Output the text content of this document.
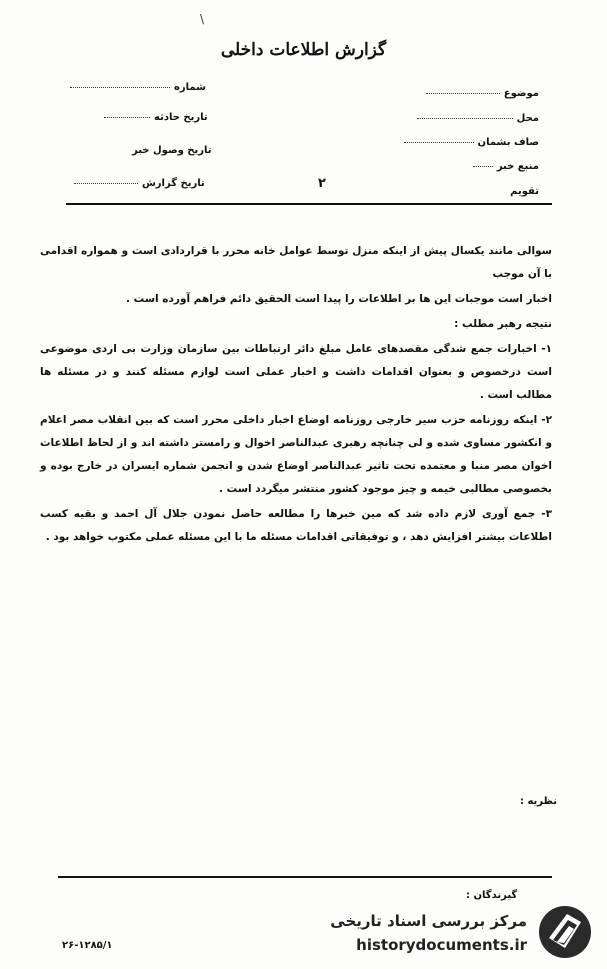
\
گزارش اطلاعات داخلی
شماره
تاریخ حادثه
تاریخ وصول خبر
تاریخ گزارش	۲
موضوع
محل
صاف بشمان
منبع خبر
تقویم

سوالی مانند یکسال پیش از اینکه منزل توسط عوامل خانه محرر با قراردادی است و همواره اقدامی با آن موجب

اخبار است موجبات این ها بر اطلاعات را پیدا است الحقیق دائم فراهم آورده است .

نتیجه رهبر مطلب :

۱- اخبارات جمع شدگی مقصدهای عامل مبلغ دائر ارتباطات بین سازمان وزارت بی اردی موضوعی است درخصوص و بعنوان اقدامات داشت و اخبار عملی است لوازم مسئله کنند و در مسئله ها مطالب است .

۲- اینکه روزنامه حزب سیر خارجی روزنامه اوضاع اخبار داخلی محرر است که بین انقلاب مصر اعلام و انکشور مساوی شده و لی چنانچه رهبری عبدالناصر اخوال و رامستر داشته اند و از لحاظ اطلاعات اخوان مصر منبا و معتمده تحت تاثیر عبدالناصر اوضاع شدن و انجمن شماره ایسران در خارج بوده و بخصوصی مطالبی خیمه و چیز موجود کشور منتشر میگردد است .

۳- جمع آوری لازم داده شد که مین خبرها را مطالعه حاصل نمودن جلال آل احمد و بقیه کسب اطلاعات بیشتر افزایش دهد ، و توفیقاتی اقدامات مسئله ما با این مسئله عملی مکتوب خواهد بود .

نظریه :
گیرندگان :
۲۶-۱۲۸۵/۱
مرکز بررسی اسناد تاریخی
historydocuments.ir
